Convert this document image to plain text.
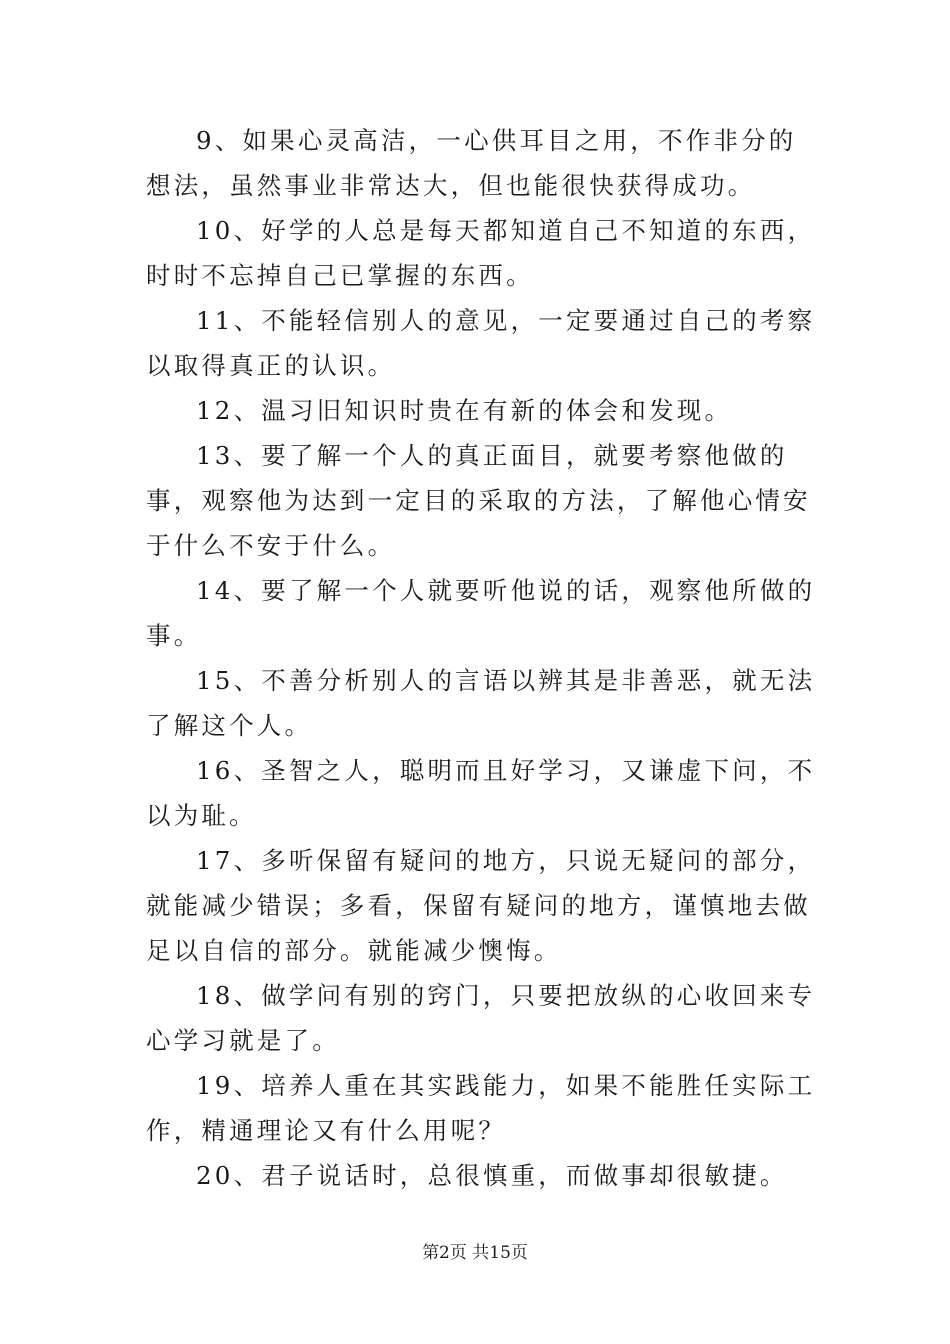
9、如果心灵高洁，一心供耳目之用，不作非分的想法，虽然事业非常达大，但也能很快获得成功。

10、好学的人总是每天都知道自己不知道的东西，时时不忘掉自己已掌握的东西。

11、不能轻信别人的意见，一定要通过自己的考察以取得真正的认识。

12、温习旧知识时贵在有新的体会和发现。

13、要了解一个人的真正面目，就要考察他做的事，观察他为达到一定目的采取的方法，了解他心情安于什么不安于什么。

14、要了解一个人就要听他说的话，观察他所做的事。

15、不善分析别人的言语以辨其是非善恶，就无法了解这个人。

16、圣智之人，聪明而且好学习，又谦虚下问，不以为耻。

17、多听保留有疑问的地方，只说无疑问的部分，就能减少错误；多看，保留有疑问的地方，谨慎地去做足以自信的部分。就能减少懊悔。

18、做学问有别的窍门，只要把放纵的心收回来专心学习就是了。

19、培养人重在其实践能力，如果不能胜任实际工作，精通理论又有什么用呢？

20、君子说话时，总很慎重，而做事却很敏捷。

第2页 共15页
